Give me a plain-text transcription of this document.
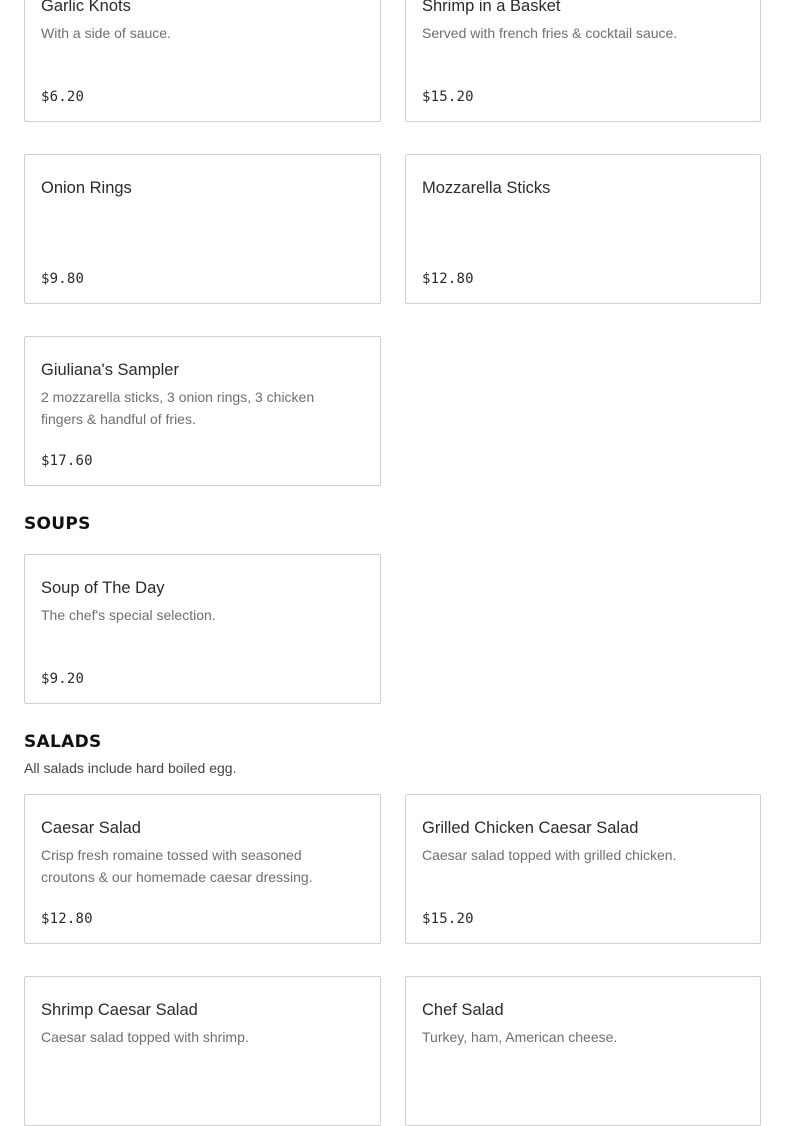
Garlic Knots
With a side of sauce.
$6.20
Shrimp in a Basket
Served with french fries & cocktail sauce.
$15.20
Onion Rings
$9.80
Mozzarella Sticks
$12.80
Giuliana's Sampler
2 mozzarella sticks, 3 onion rings, 3 chicken fingers & handful of fries.
$17.60
SOUPS
Soup of The Day
The chef's special selection.
$9.20
SALADS
All salads include hard boiled egg.
Caesar Salad
Crisp fresh romaine tossed with seasoned croutons & our homemade caesar dressing.
$12.80
Grilled Chicken Caesar Salad
Caesar salad topped with grilled chicken.
$15.20
Shrimp Caesar Salad
Caesar salad topped with shrimp.
Chef Salad
Turkey, ham, American cheese.
